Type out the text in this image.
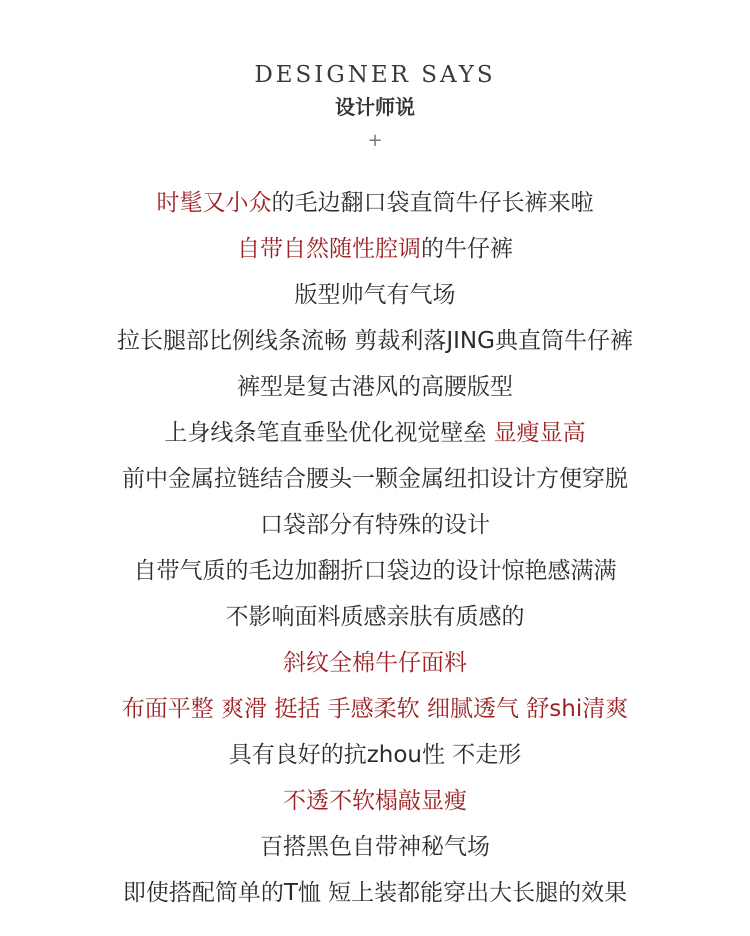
DESIGNER SAYS
设计师说
+
时髦又小众的毛边翻口袋直筒牛仔长裤来啦
自带自然随性腔调的牛仔裤
版型帅气有气场
拉长腿部比例线条流畅 剪裁利落JING典直筒牛仔裤
裤型是复古港风的高腰版型
上身线条笔直垂坠优化视觉壁垒 显瘦显高
前中金属拉链结合腰头一颗金属纽扣设计方便穿脱
口袋部分有特殊的设计
自带气质的毛边加翻折口袋边的设计惊艳感满满
不影响面料质感亲肤有质感的
斜纹全棉牛仔面料
布面平整 爽滑 挺括 手感柔软 细腻透气 舒shi清爽
具有良好的抗zhou性 不走形
不透不软榻敲显瘦
百搭黑色自带神秘气场
即使搭配简单的T恤 短上装都能穿出大长腿的效果
